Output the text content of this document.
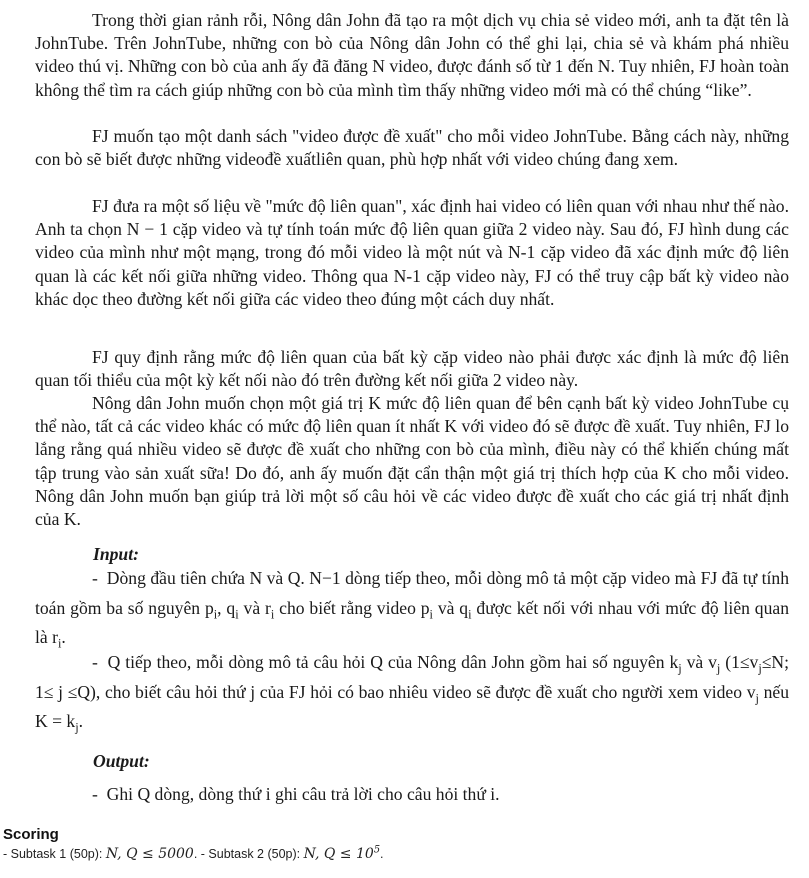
Trong thời gian rảnh rỗi, Nông dân John đã tạo ra một dịch vụ chia sẻ video mới, anh ta đặt tên là JohnTube. Trên JohnTube, những con bò của Nông dân John có thể ghi lại, chia sẻ và khám phá nhiều video thú vị. Những con bò của anh ấy đã đăng N video, được đánh số từ 1 đến N. Tuy nhiên, FJ hoàn toàn không thể tìm ra cách giúp những con bò của mình tìm thấy những video mới mà có thể chúng “like”.

FJ muốn tạo một danh sách "video được đề xuất" cho mỗi video JohnTube. Bằng cách này, những con bò sẽ biết được những videođề xuấtliên quan, phù hợp nhất với video chúng đang xem.

FJ đưa ra một số liệu về "mức độ liên quan", xác định hai video có liên quan với nhau như thế nào. Anh ta chọn N − 1 cặp video và tự tính toán mức độ liên quan giữa 2 video này. Sau đó, FJ hình dung các video của mình như một mạng, trong đó mỗi video là một nút và N-1 cặp video đã xác định mức độ liên quan là các kết nối giữa những video. Thông qua N-1 cặp video này, FJ có thể truy cập bất kỳ video nào khác dọc theo đường kết nối giữa các video theo đúng một cách duy nhất.

FJ quy định rằng mức độ liên quan của bất kỳ cặp video nào phải được xác định là mức độ liên quan tối thiểu của một kỳ kết nối nào đó trên đường kết nối giữa 2 video này.

Nông dân John muốn chọn một giá trị K mức độ liên quan để bên cạnh bất kỳ video JohnTube cụ thể nào, tất cả các video khác có mức độ liên quan ít nhất K với video đó sẽ được đề xuất. Tuy nhiên, FJ lo lắng rằng quá nhiều video sẽ được đề xuất cho những con bò của mình, điều này có thể khiến chúng mất tập trung vào sản xuất sữa! Do đó, anh ấy muốn đặt cẩn thận một giá trị thích hợp của K cho mỗi video. Nông dân John muốn bạn giúp trả lời một số câu hỏi về các video được đề xuất cho các giá trị nhất định của K.

Input:

- Dòng đầu tiên chứa N và Q. N−1 dòng tiếp theo, mỗi dòng mô tả một cặp video mà FJ đã tự tính toán gồm ba số nguyên $p_i$, $q_i$ và $r_i$ cho biết rằng video $p_i$ và $q_i$ được kết nối với nhau với mức độ liên quan là $r_i$.

- Q tiếp theo, mỗi dòng mô tả câu hỏi Q của Nông dân John gồm hai số nguyên $k_j$ và $v_j$ ($1\le v_j\le N$; 1≤ j ≤Q), cho biết câu hỏi thứ j của FJ hỏi có bao nhiêu video sẽ được đề xuất cho người xem video $v_j$ nếu $K = k_j$.

Output:

- Ghi Q dòng, dòng thứ i ghi câu trả lời cho câu hỏi thứ i.

Scoring

- Subtask 1 (50p): N, Q ≤ 5000. - Subtask 2 (50p): N, $Q \le 10^5$.
